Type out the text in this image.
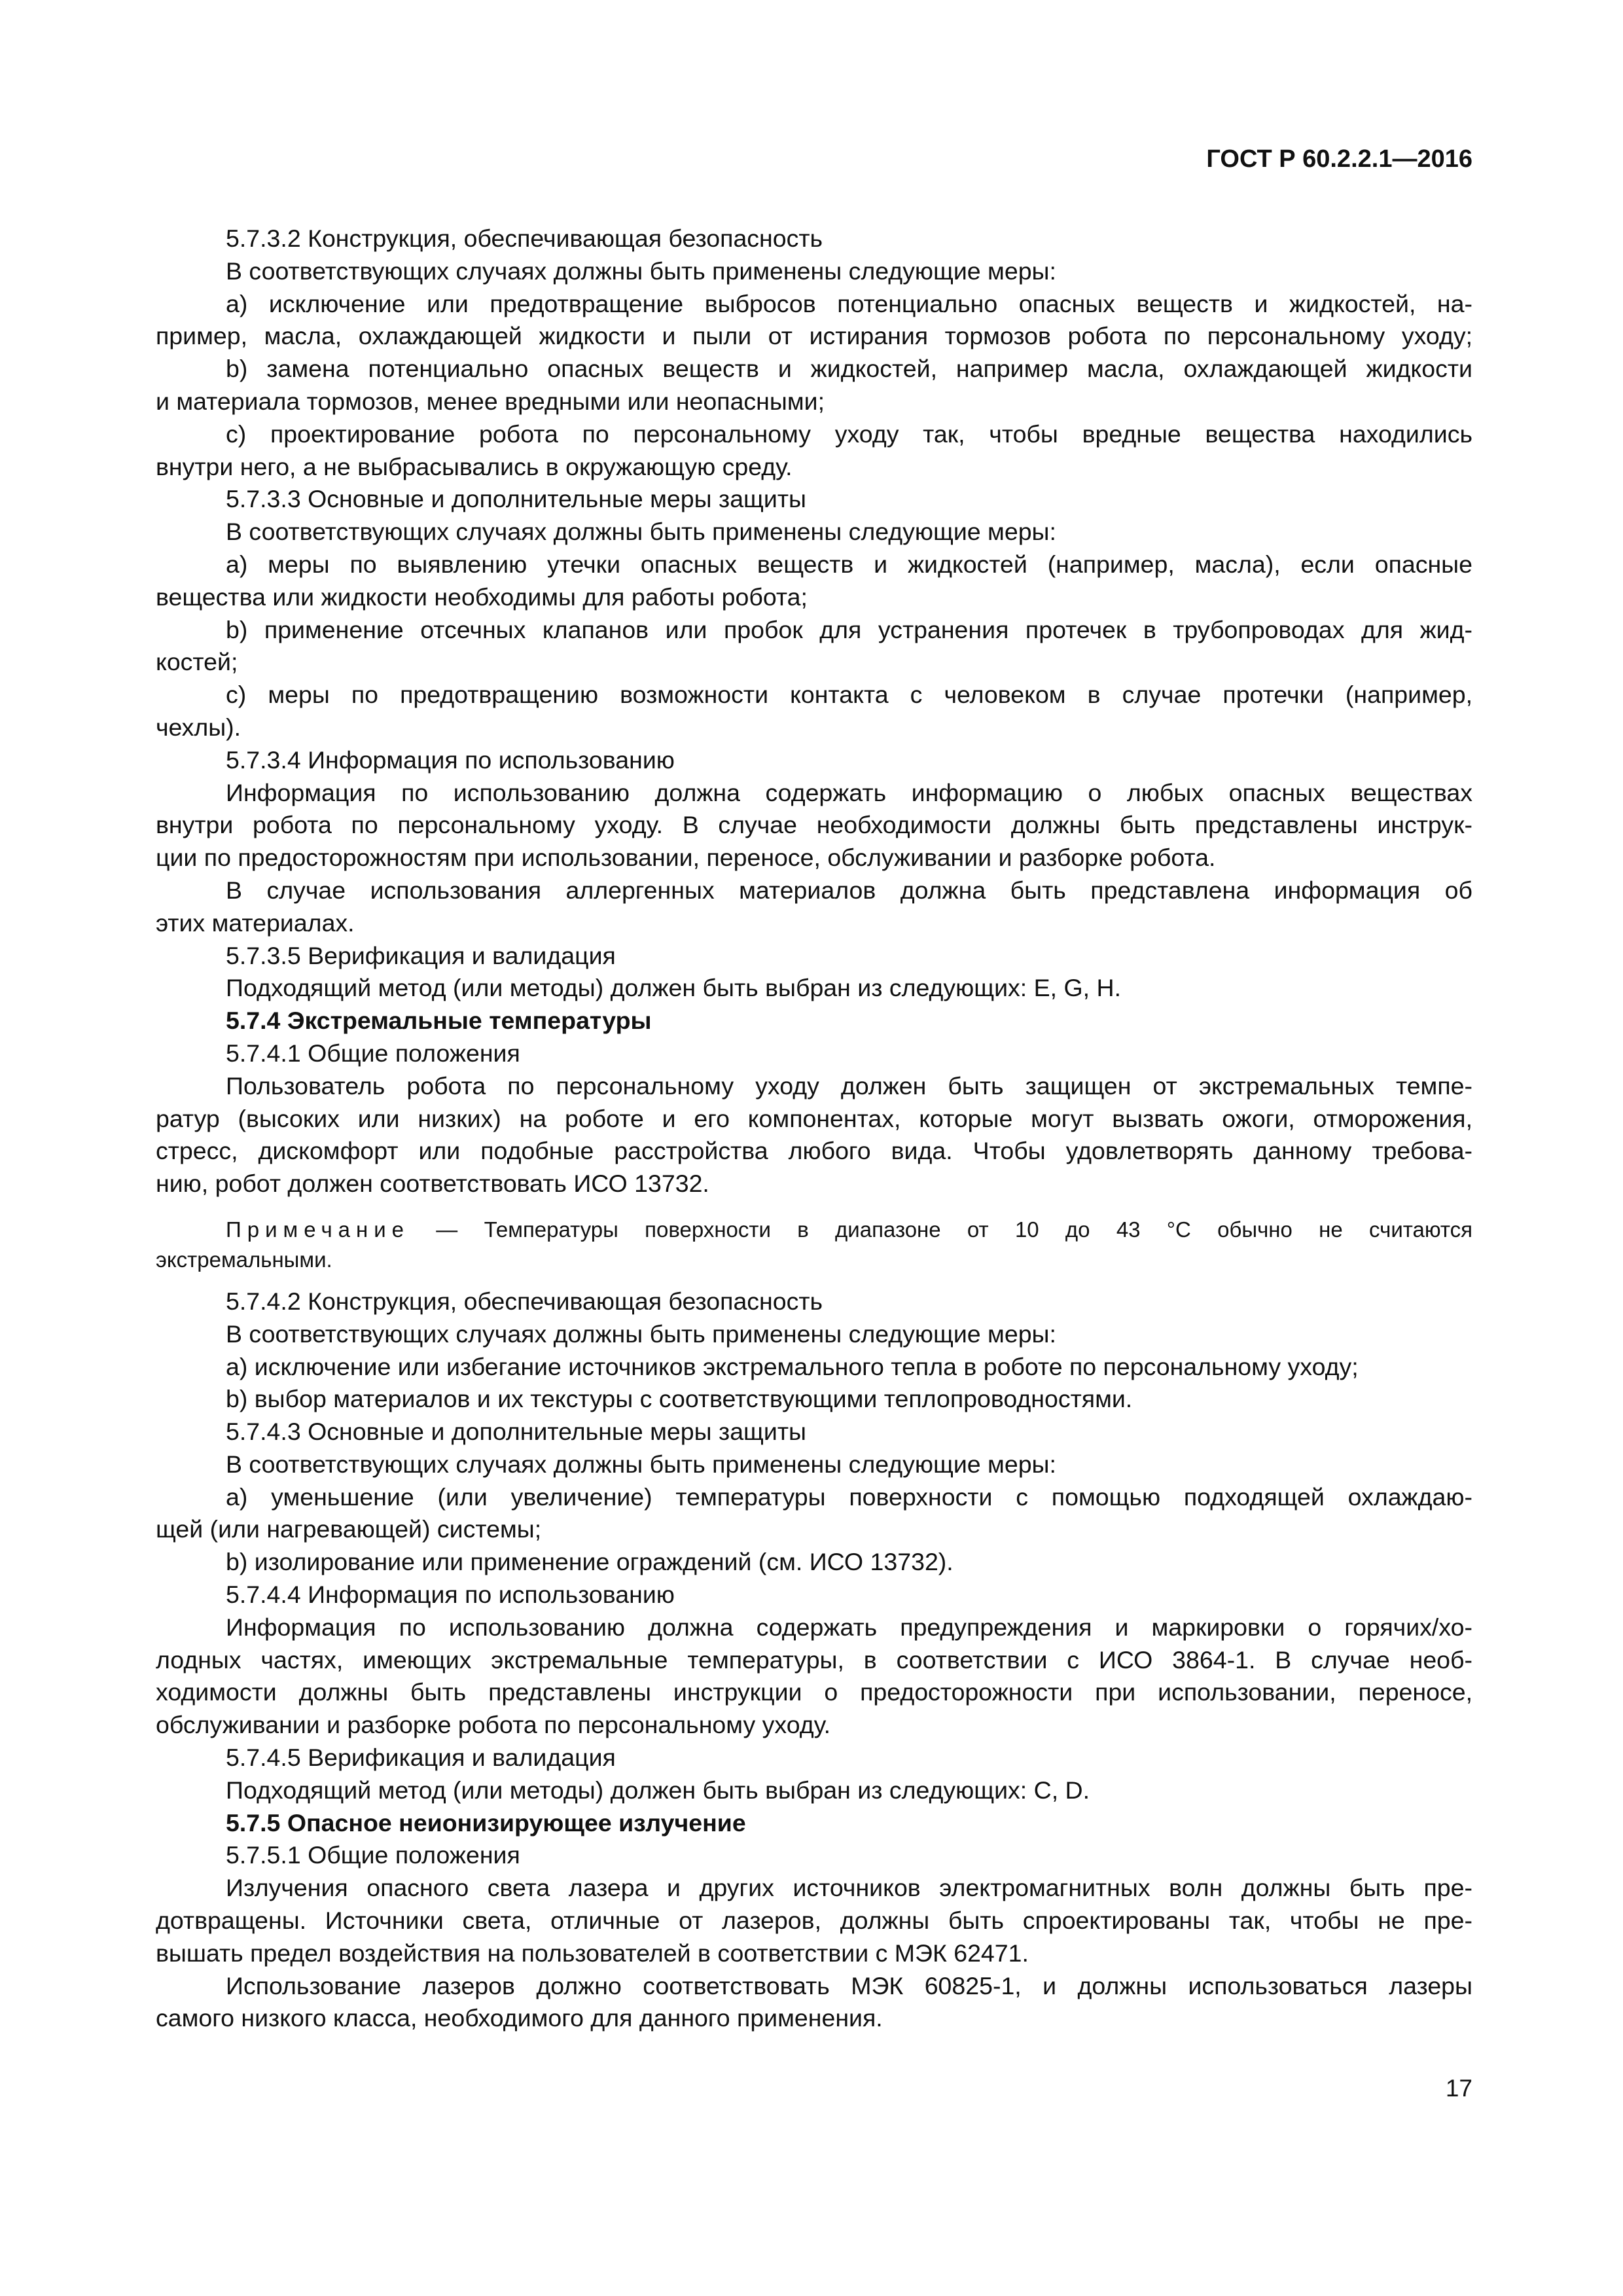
ГОСТ Р 60.2.2.1—2016
5.7.3.2 Конструкция, обеспечивающая безопасность
В соответствующих случаях должны быть применены следующие меры:
а) исключение или предотвращение выбросов потенциально опасных веществ и жидкостей, на-
пример, масла, охлаждающей жидкости и пыли от истирания тормозов робота по персональному уходу;
b) замена потенциально опасных веществ и жидкостей, например масла, охлаждающей жидкости
и материала тормозов, менее вредными или неопасными;
с) проектирование робота по персональному уходу так, чтобы вредные вещества находились
внутри него, а не выбрасывались в окружающую среду.
5.7.3.3 Основные и дополнительные меры защиты
В соответствующих случаях должны быть применены следующие меры:
а) меры по выявлению утечки опасных веществ и жидкостей (например, масла), если опасные
вещества или жидкости необходимы для работы робота;
b) применение отсечных клапанов или пробок для устранения протечек в трубопроводах для жид-
костей;
с) меры по предотвращению возможности контакта с человеком в случае протечки (например,
чехлы).
5.7.3.4 Информация по использованию
Информация по использованию должна содержать информацию о любых опасных веществах
внутри робота по персональному уходу. В случае необходимости должны быть представлены инструк-
ции по предосторожностям при использовании, переносе, обслуживании и разборке робота.
В случае использования аллергенных материалов должна быть представлена информация об
этих материалах.
5.7.3.5 Верификация и валидация
Подходящий метод (или методы) должен быть выбран из следующих: E, G, H.
5.7.4 Экстремальные температуры
5.7.4.1 Общие положения
Пользователь робота по персональному уходу должен быть защищен от экстремальных темпе-
ратур (высоких или низких) на роботе и его компонентах, которые могут вызвать ожоги, отморожения,
стресс, дискомфорт или подобные расстройства любого вида. Чтобы удовлетворять данному требова-
нию, робот должен соответствовать ИСО 13732.
Примечание — Температуры поверхности в диапазоне от 10 до 43 °С обычно не считаются
экстремальными.
5.7.4.2 Конструкция, обеспечивающая безопасность
В соответствующих случаях должны быть применены следующие меры:
а) исключение или избегание источников экстремального тепла в роботе по персональному уходу;
b) выбор материалов и их текстуры с соответствующими теплопроводностями.
5.7.4.3 Основные и дополнительные меры защиты
В соответствующих случаях должны быть применены следующие меры:
а) уменьшение (или увеличение) температуры поверхности с помощью подходящей охлаждаю-
щей (или нагревающей) системы;
b) изолирование или применение ограждений (см. ИСО 13732).
5.7.4.4 Информация по использованию
Информация по использованию должна содержать предупреждения и маркировки о горячих/хо-
лодных частях, имеющих экстремальные температуры, в соответствии с ИСО 3864-1. В случае необ-
ходимости должны быть представлены инструкции о предосторожности при использовании, переносе,
обслуживании и разборке робота по персональному уходу.
5.7.4.5 Верификация и валидация
Подходящий метод (или методы) должен быть выбран из следующих: C, D.
5.7.5 Опасное неионизирующее излучение
5.7.5.1 Общие положения
Излучения опасного света лазера и других источников электромагнитных волн должны быть пре-
дотвращены. Источники света, отличные от лазеров, должны быть спроектированы так, чтобы не пре-
вышать предел воздействия на пользователей в соответствии с МЭК 62471.
Использование лазеров должно соответствовать МЭК 60825-1, и должны использоваться лазеры
самого низкого класса, необходимого для данного применения.
17
